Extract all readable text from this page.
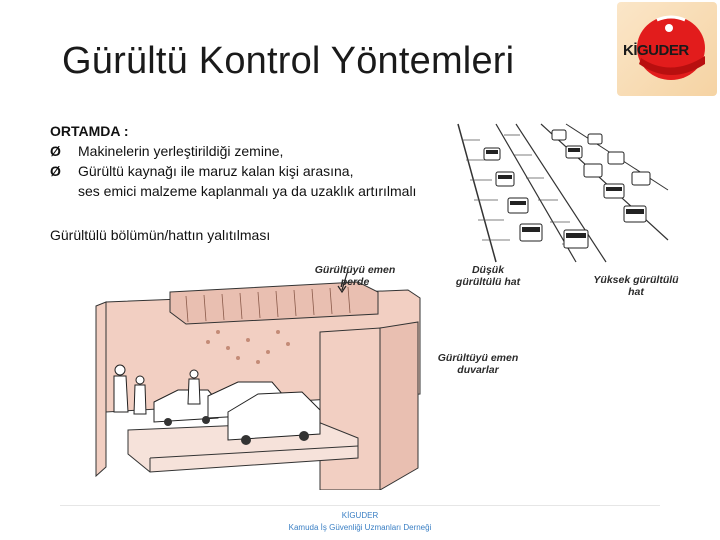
Gürültü Kontrol Yöntemleri	KİGUDER
ORTAMDA :
Ø Makinelerin yerleştirildiği zemine,
Ø Gürültü kaynağı ile maruz kalan kişi arasına,
ses emici malzeme kaplanmalı ya da uzaklık artırılmalı
Gürültülü bölümün/hattın yalıtılması
Gürültüyü emen perde
Düşük gürültülü hat	Yüksek gürültülü hat
Gürültüyü emen duvarlar
KİGUDER
Kamuda İş Güvenliği Uzmanları Derneği
